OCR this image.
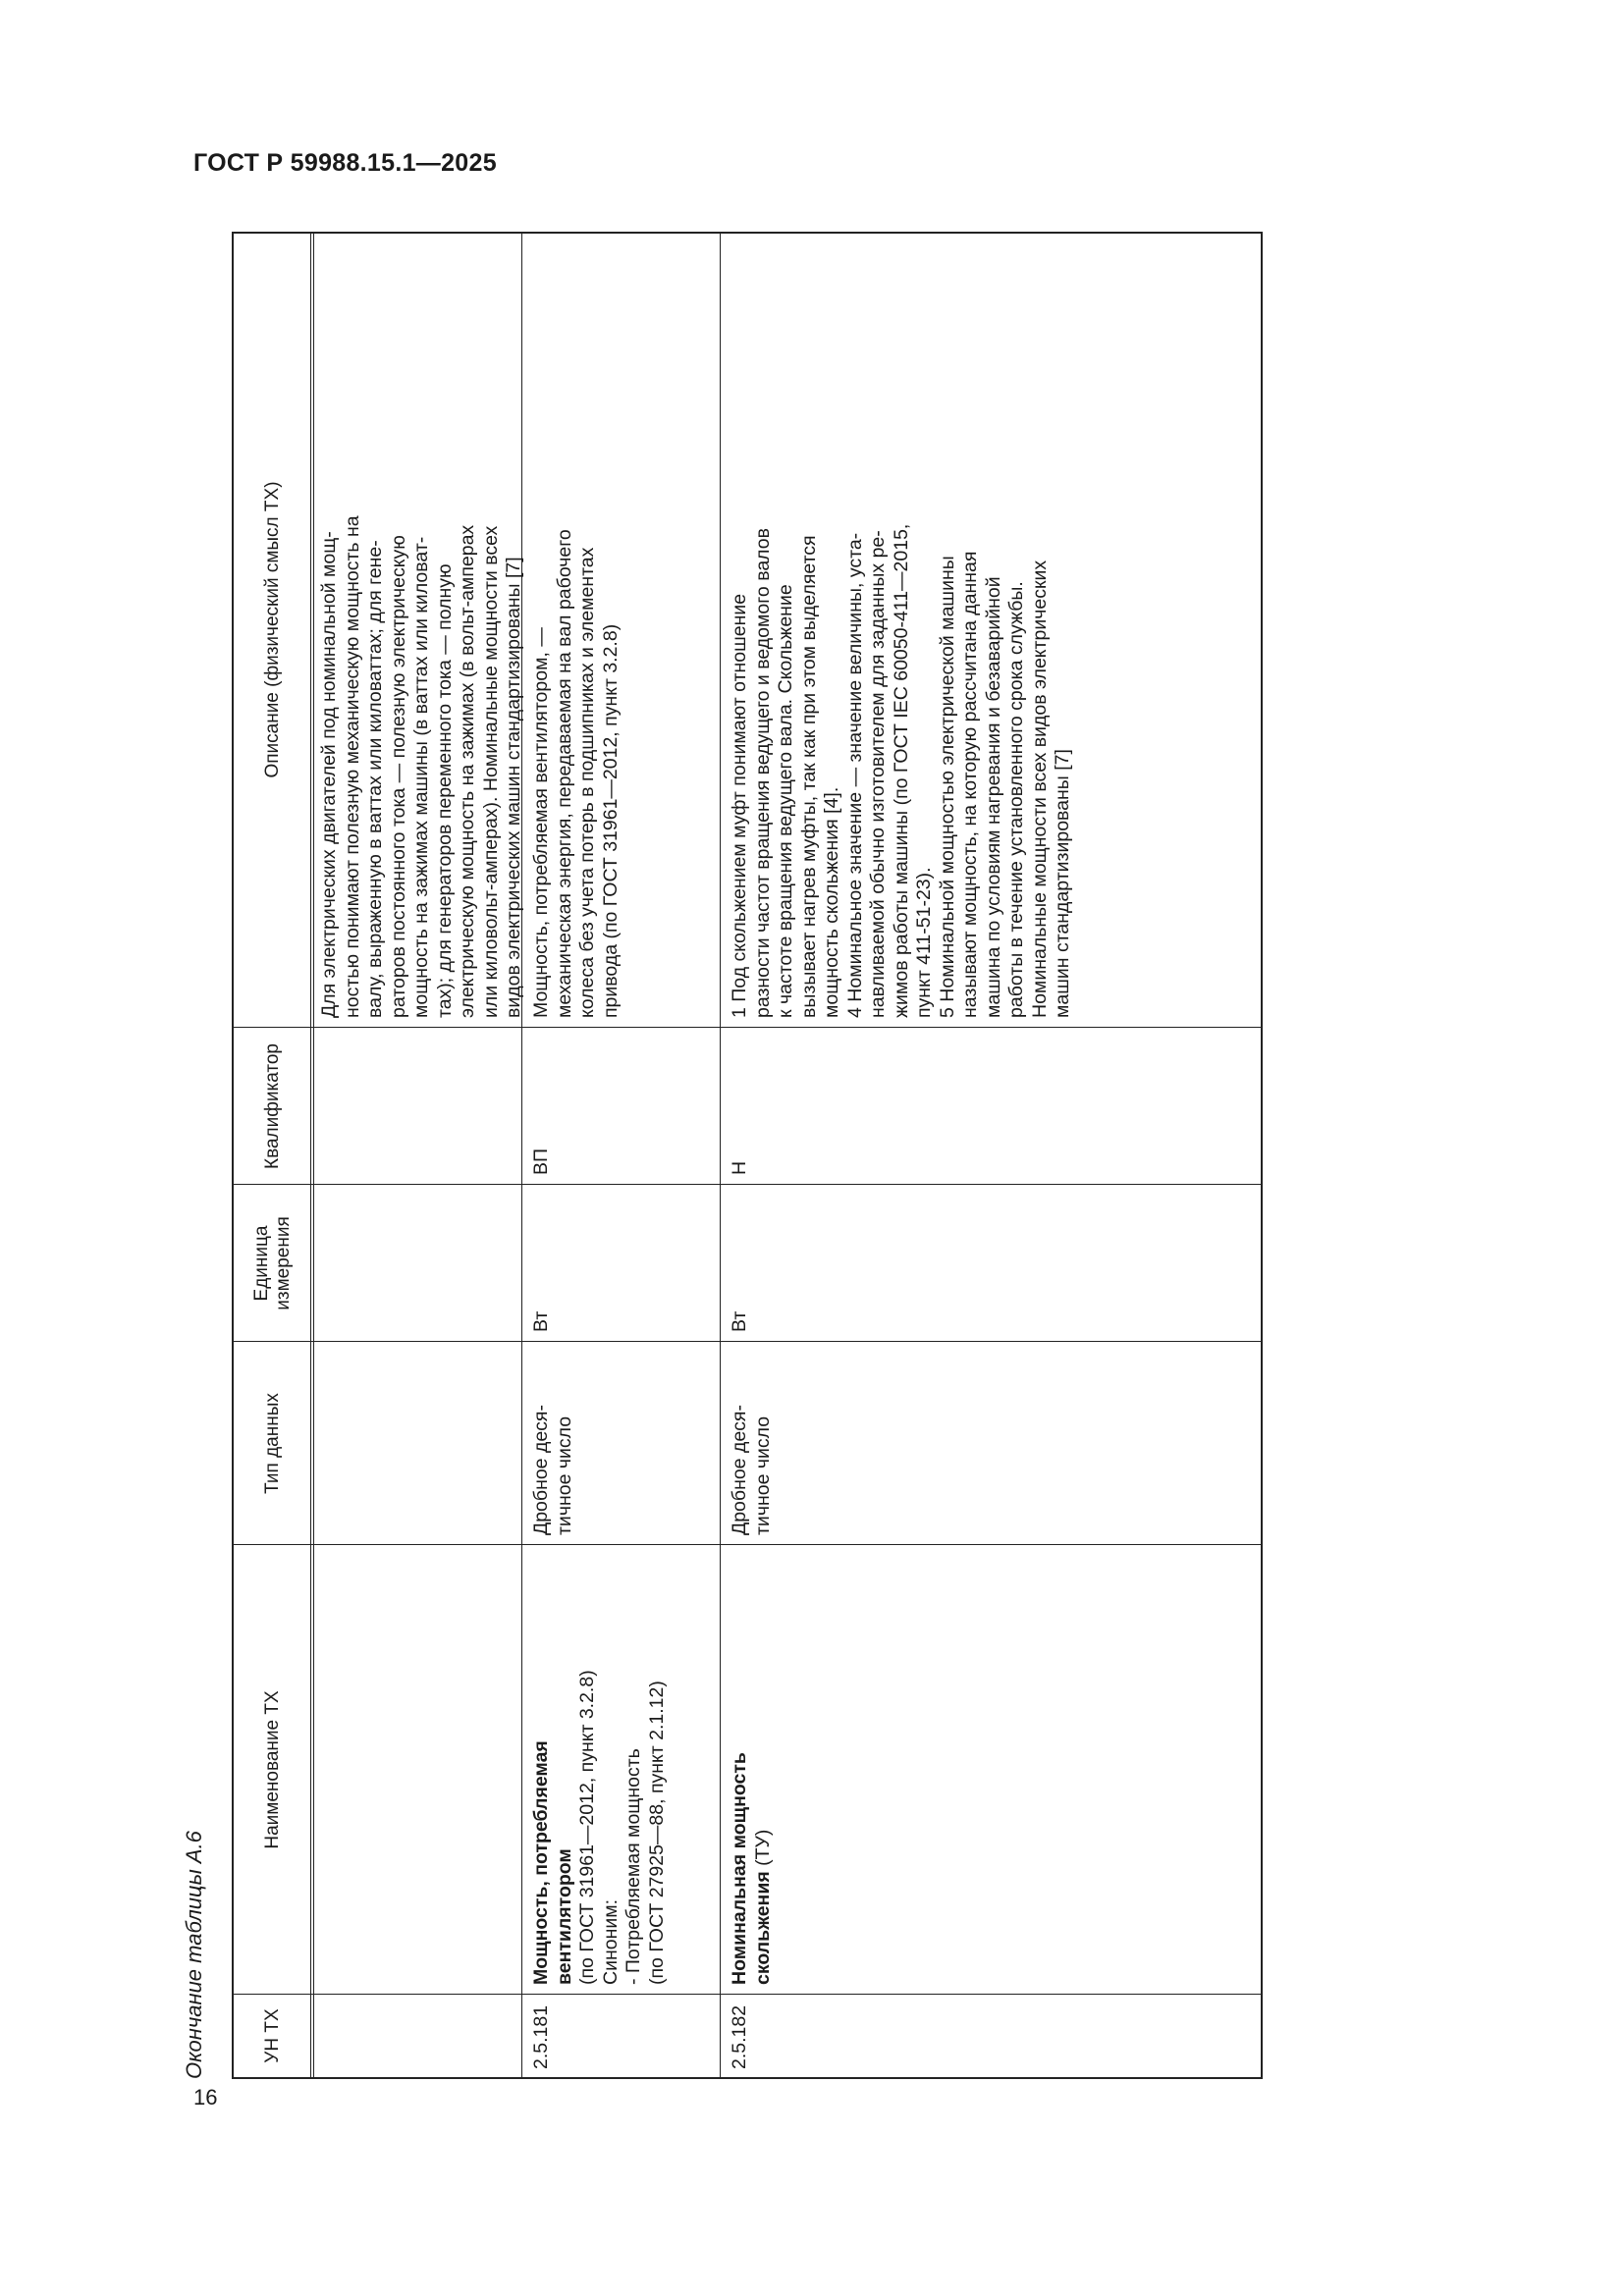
ГОСТ Р 59988.15.1—2025
16
Окончание таблицы А.6	УН ТХ
Наименование ТХ
Тип данных
Единица
измерения
Квалификатор
Описание (физический смысл ТХ)
Для электрических двигателей под номинальной мощ-
ностью понимают полезную механическую мощность на
валу, выраженную в ваттах или киловаттах; для гене-
раторов постоянного тока — полезную электрическую
мощность на зажимах машины (в ваттах или киловат-
тах); для генераторов переменного тока — полную
электрическую мощность на зажимах (в вольт-амперах
или киловольт-амперах). Номинальные мощности всех
видов электрических машин стандартизированы [7]
2.5.181
Мощность, потребляемая
вентилятором
(по ГОСТ 31961—2012, пункт 3.2.8)
Синоним:
- Потребляемая мощность
(по ГОСТ 27925—88, пункт 2.1.12)
Дробное деся-
тичное число
Вт
ВП
Мощность, потребляемая вентилятором, —
механическая энергия, передаваемая на вал рабочего
колеса без учета потерь в подшипниках и элементах
привода (по ГОСТ 31961—2012, пункт 3.2.8)
2.5.182
Номинальная мощность
скольжения (ТУ)
Дробное деся-
тичное число
Вт
Н
1 Под скольжением муфт понимают отношение
разности частот вращения ведущего и ведомого валов
к частоте вращения ведущего вала. Скольжение
вызывает нагрев муфты, так как при этом выделяется
мощность скольжения [4].
4 Номинальное значение — значение величины, уста-
навливаемой обычно изготовителем для заданных ре-
жимов работы машины (по ГОСТ IEC 60050-411—2015,
пункт 411-51-23).
5 Номинальной мощностью электрической машины
называют мощность, на которую рассчитана данная
машина по условиям нагревания и безаварийной
работы в течение установленного срока службы.
Номинальные мощности всех видов электрических
машин стандартизированы [7]
